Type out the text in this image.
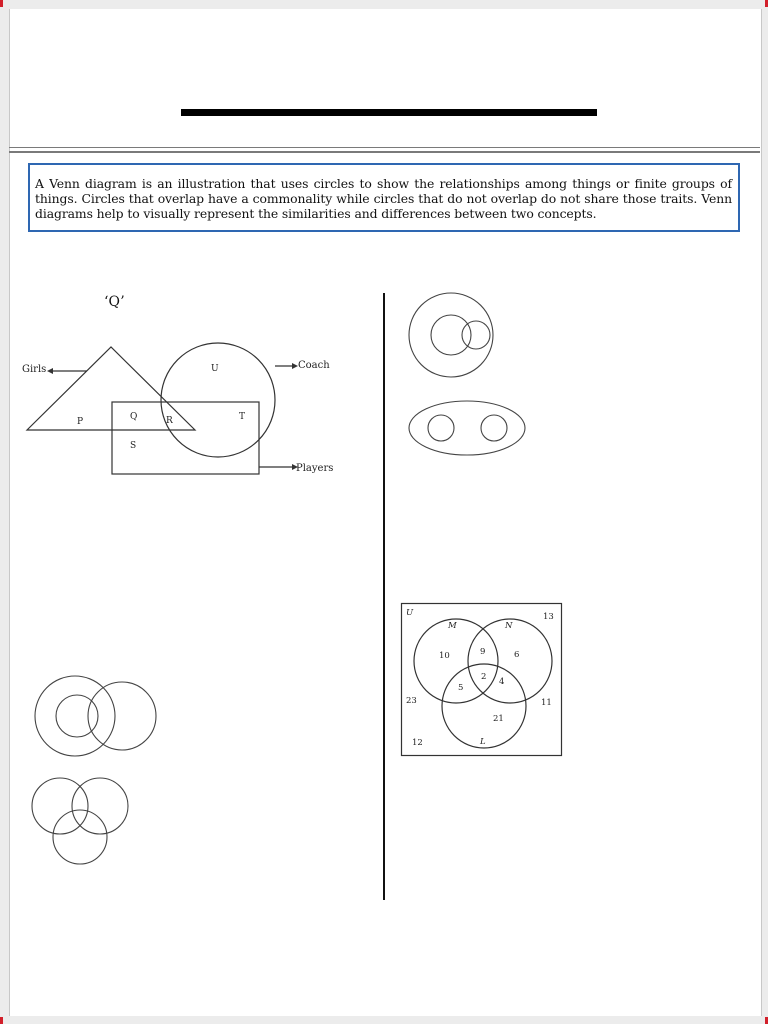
A Venn diagram is an illustration that uses circles to show the relationships among things or finite groups of things. Circles that overlap have a commonality while circles that do not overlap do not share those traits. Venn diagrams help to visually represent the similarities and differences between two concepts.
‘Q’
Girls	Coach
Players
P	Q	R
S
T
U
U
M	N
L
13
10	9	6
2
5
4
23	11
21
12
